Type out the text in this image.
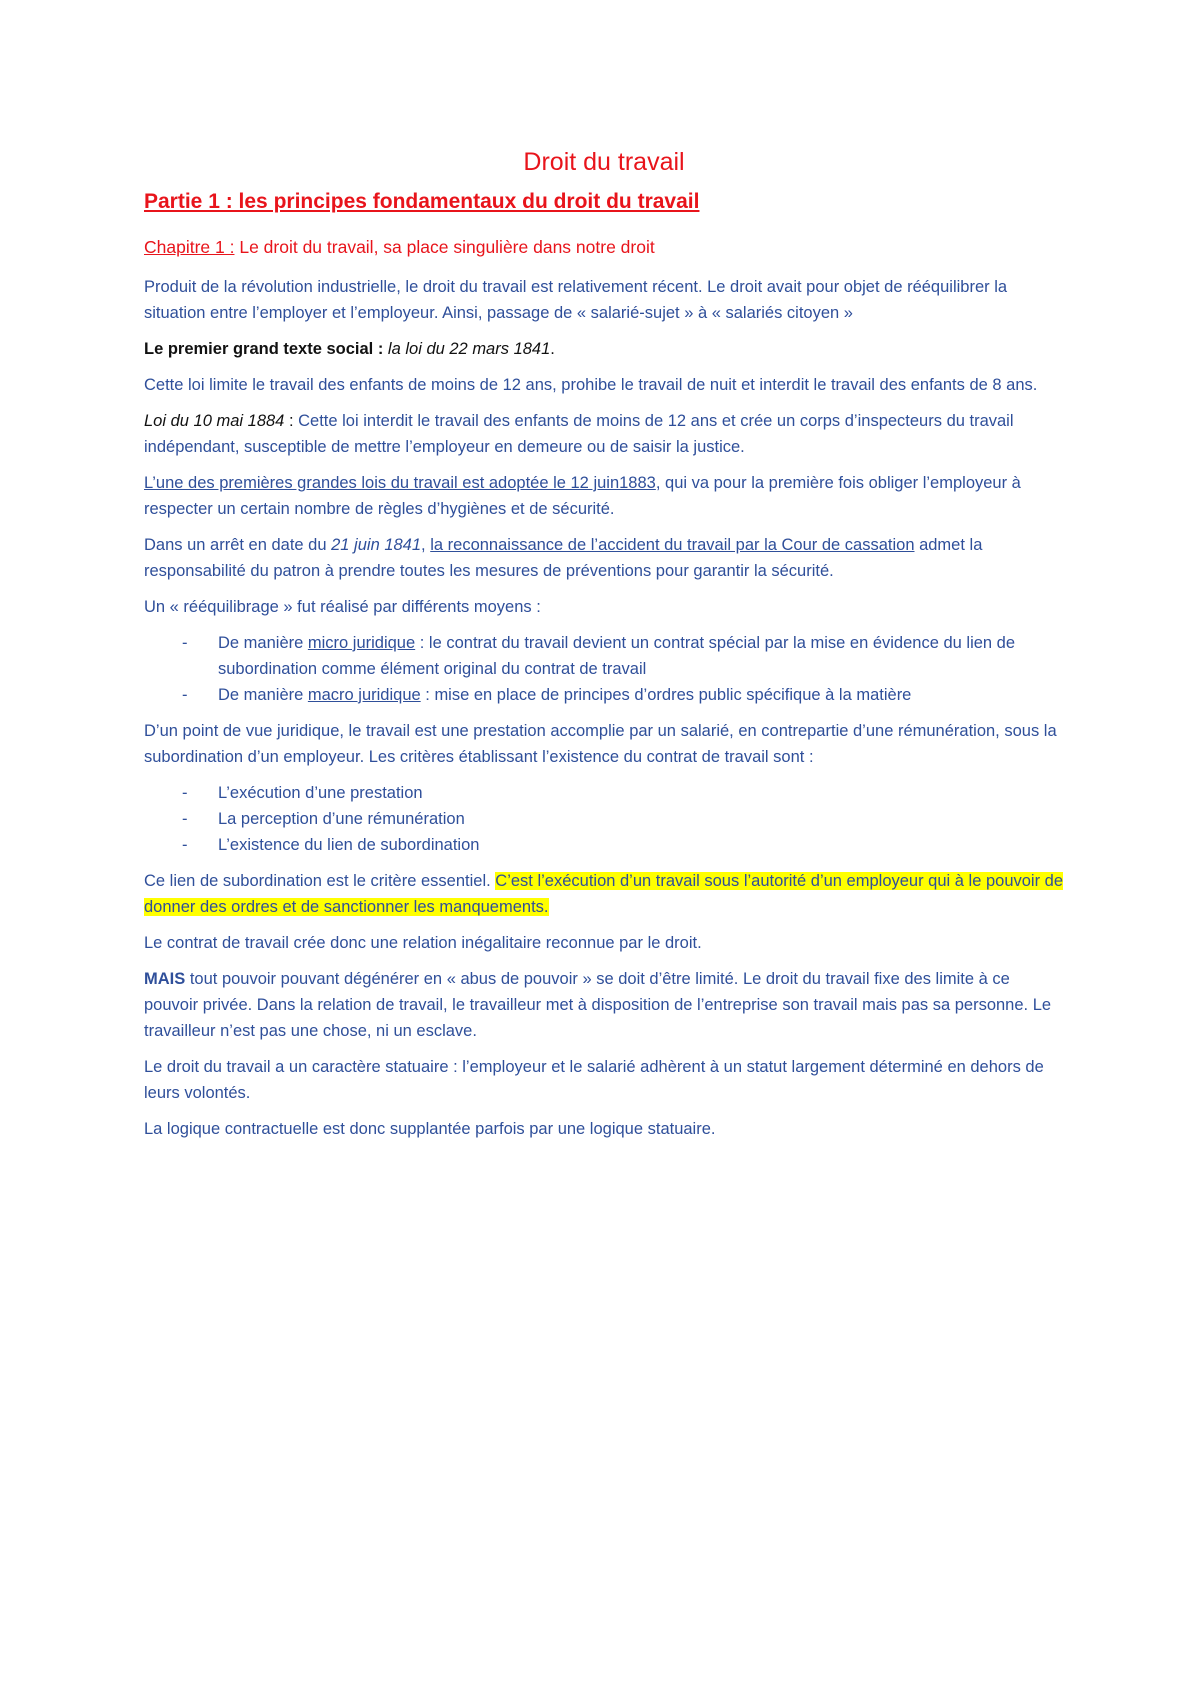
Droit du travail
Partie 1 : les principes fondamentaux du droit du travail
Chapitre 1 : Le droit du travail, sa place singulière dans notre droit

Produit de la révolution industrielle, le droit du travail est relativement récent. Le droit avait pour objet de rééquilibrer la situation entre l’employer et l’employeur. Ainsi, passage de « salarié-sujet » à « salariés citoyen »

Le premier grand texte social : la loi du 22 mars 1841.

Cette loi limite le travail des enfants de moins de 12 ans, prohibe le travail de nuit et interdit le travail des enfants de 8 ans.

Loi du 10 mai 1884 : Cette loi interdit le travail des enfants de moins de 12 ans et crée un corps d’inspecteurs du travail indépendant, susceptible de mettre l’employeur en demeure ou de saisir la justice.

L’une des premières grandes lois du travail est adoptée le 12 juin1883, qui va pour la première fois obliger l’employeur à respecter un certain nombre de règles d’hygiènes et de sécurité.

Dans un arrêt en date du 21 juin 1841, la reconnaissance de l’accident du travail par la Cour de cassation admet la responsabilité du patron à prendre toutes les mesures de préventions pour garantir la sécurité.

Un « rééquilibrage » fut réalisé par différents moyens :

- De manière micro juridique : le contrat du travail devient un contrat spécial par la mise en évidence du lien de subordination comme élément original du contrat de travail
- De manière macro juridique : mise en place de principes d’ordres public spécifique à la matière

D’un point de vue juridique, le travail est une prestation accomplie par un salarié, en contrepartie d’une rémunération, sous la subordination d’un employeur. Les critères établissant l’existence du contrat de travail sont :

- L’exécution d’une prestation
- La perception d’une rémunération
- L’existence du lien de subordination

Ce lien de subordination est le critère essentiel. C’est l’exécution d’un travail sous l’autorité d’un employeur qui à le pouvoir de donner des ordres et de sanctionner les manquements.

Le contrat de travail crée donc une relation inégalitaire reconnue par le droit.

MAIS tout pouvoir pouvant dégénérer en « abus de pouvoir » se doit d’être limité. Le droit du travail fixe des limite à ce pouvoir privée. Dans la relation de travail, le travailleur met à disposition de l’entreprise son travail mais pas sa personne. Le travailleur n’est pas une chose, ni un esclave.

Le droit du travail a un caractère statuaire : l’employeur et le salarié adhèrent à un statut largement déterminé en dehors de leurs volontés.

La logique contractuelle est donc supplantée parfois par une logique statuaire.
